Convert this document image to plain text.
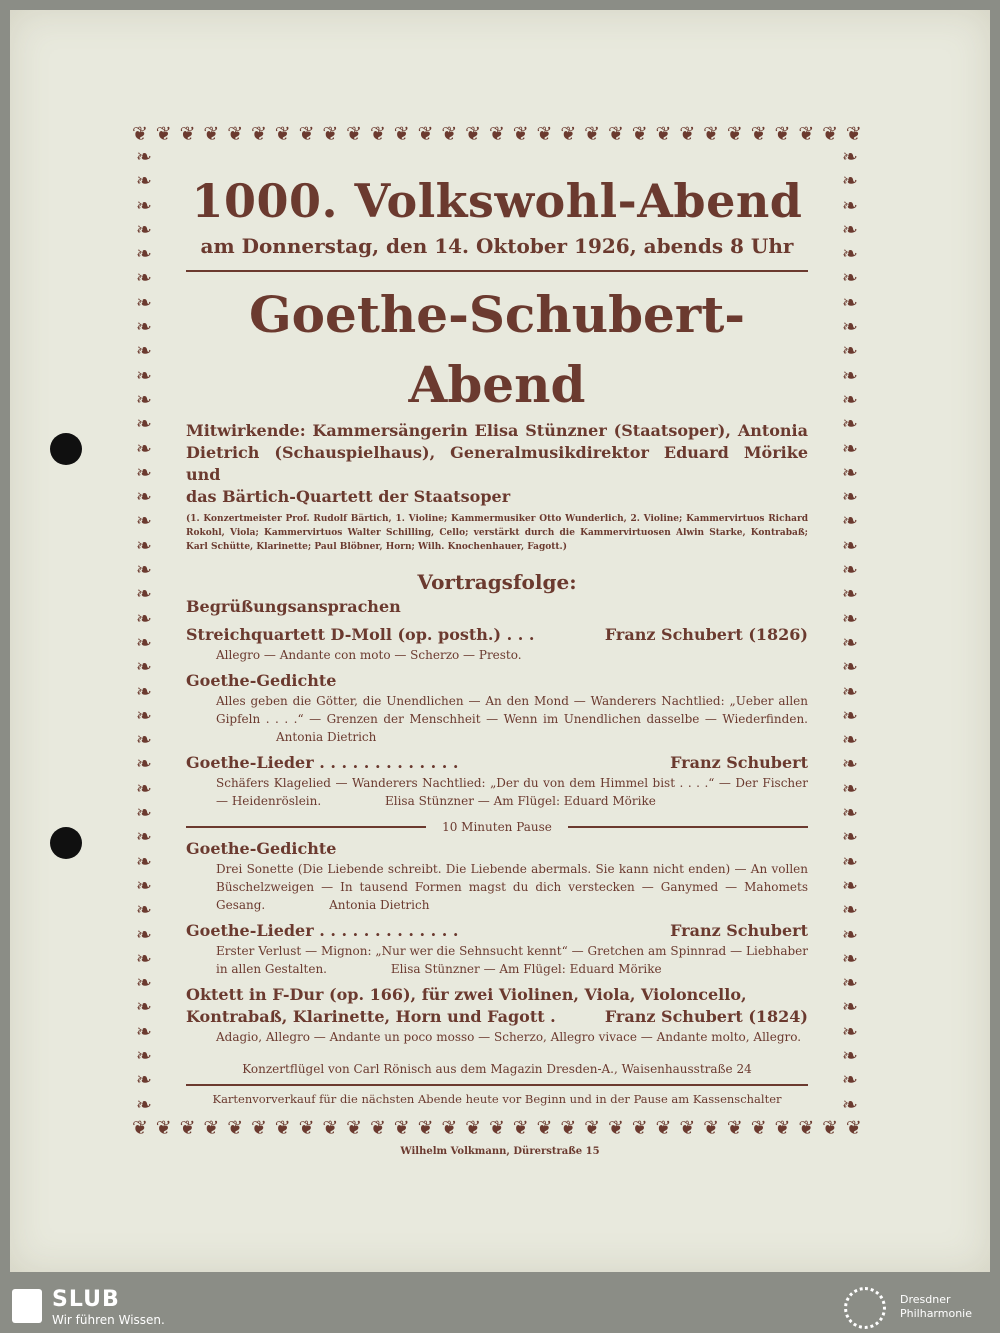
❦ ❦ ❦ ❦ ❦ ❦ ❦ ❦ ❦ ❦ ❦ ❦ ❦ ❦ ❦ ❦ ❦ ❦ ❦ ❦ ❦ ❦ ❦ ❦ ❦ ❦ ❦ ❦ ❦ ❦ ❦
❦ ❦ ❦ ❦ ❦ ❦ ❦ ❦ ❦ ❦ ❦ ❦ ❦ ❦ ❦ ❦ ❦ ❦ ❦ ❦ ❦ ❦ ❦ ❦ ❦ ❦ ❦ ❦ ❦ ❦ ❦
❧
❧
❧
❧
❧
❧
❧
❧
❧
❧
❧
❧
❧
❧
❧
❧
❧
❧
❧
❧
❧
❧
❧
❧
❧
❧
❧
❧
❧
❧
❧
❧
❧
❧
❧
❧
❧
❧
❧
❧
❧
❧
❧
❧
❧
❧
❧
❧
❧
❧
❧
❧
❧
❧
❧
❧
❧
❧
❧
❧
❧
❧
❧
❧
❧
❧
❧
❧
❧
❧
❧
❧
❧
❧
❧
❧
❧
❧
❧
❧
1000. Volkswohl-Abend
am Donnerstag, den 14. Oktober 1926, abends 8 Uhr
Goethe-Schubert-Abend
Mitwirkende: Kammersängerin Elisa Stünzner (Staatsoper), Antonia Dietrich (Schauspielhaus), Generalmusikdirektor Eduard Mörike und
das Bärtich-Quartett der Staatsoper
(1. Konzertmeister Prof. Rudolf Bärtich, 1. Violine; Kammermusiker Otto Wunderlich, 2. Violine; Kammervirtuos Richard Rokohl, Viola; Kammervirtuos Walter Schilling, Cello; verstärkt durch die Kammervirtuosen Alwin Starke, Kontrabaß; Karl Schütte, Klarinette; Paul Blöbner, Horn; Wilh. Knochenhauer, Fagott.)
Vortragsfolge:
Begrüßungsansprachen
Streichquartett D-Moll (op. posth.) . . .	Franz Schubert (1826)
Allegro — Andante con moto — Scherzo — Presto.
Goethe-Gedichte
Alles geben die Götter, die Unendlichen — An den Mond — Wanderers Nachtlied: „Ueber allen Gipfeln . . . .“ — Grenzen der Menschheit — Wenn im Unendlichen dasselbe — Wiederfinden. Antonia Dietrich
Goethe-Lieder . . . . . . . . . . . . .	Franz Schubert
Schäfers Klagelied — Wanderers Nachtlied: „Der du von dem Himmel bist . . . .“ — Der Fischer — Heidenröslein.	Elisa Stünzner — Am Flügel: Eduard Mörike
10 Minuten Pause
Goethe-Gedichte
Drei Sonette (Die Liebende schreibt. Die Liebende abermals. Sie kann nicht enden) — An vollen Büschelzweigen — In tausend Formen magst du dich verstecken — Ganymed — Mahomets Gesang.	Antonia Dietrich
Goethe-Lieder . . . . . . . . . . . . .	Franz Schubert
Erster Verlust — Mignon: „Nur wer die Sehnsucht kennt“ — Gretchen am Spinnrad — Liebhaber in allen Gestalten.	Elisa Stünzner — Am Flügel: Eduard Mörike
Oktett in F-Dur (op. 166), für zwei Violinen, Viola, Violoncello,
Kontrabaß, Klarinette, Horn und Fagott .	Franz Schubert (1824)
Adagio, Allegro — Andante un poco mosso — Scherzo, Allegro vivace — Andante molto, Allegro.
Konzertflügel von Carl Rönisch aus dem Magazin Dresden-A., Waisenhausstraße 24
Kartenvorverkauf für die nächsten Abende heute vor Beginn und in der Pause am Kassenschalter
Wilhelm Volkmann, Dürerstraße 15
SLUB
Wir führen Wissen.
Dresdner
Philharmonie
